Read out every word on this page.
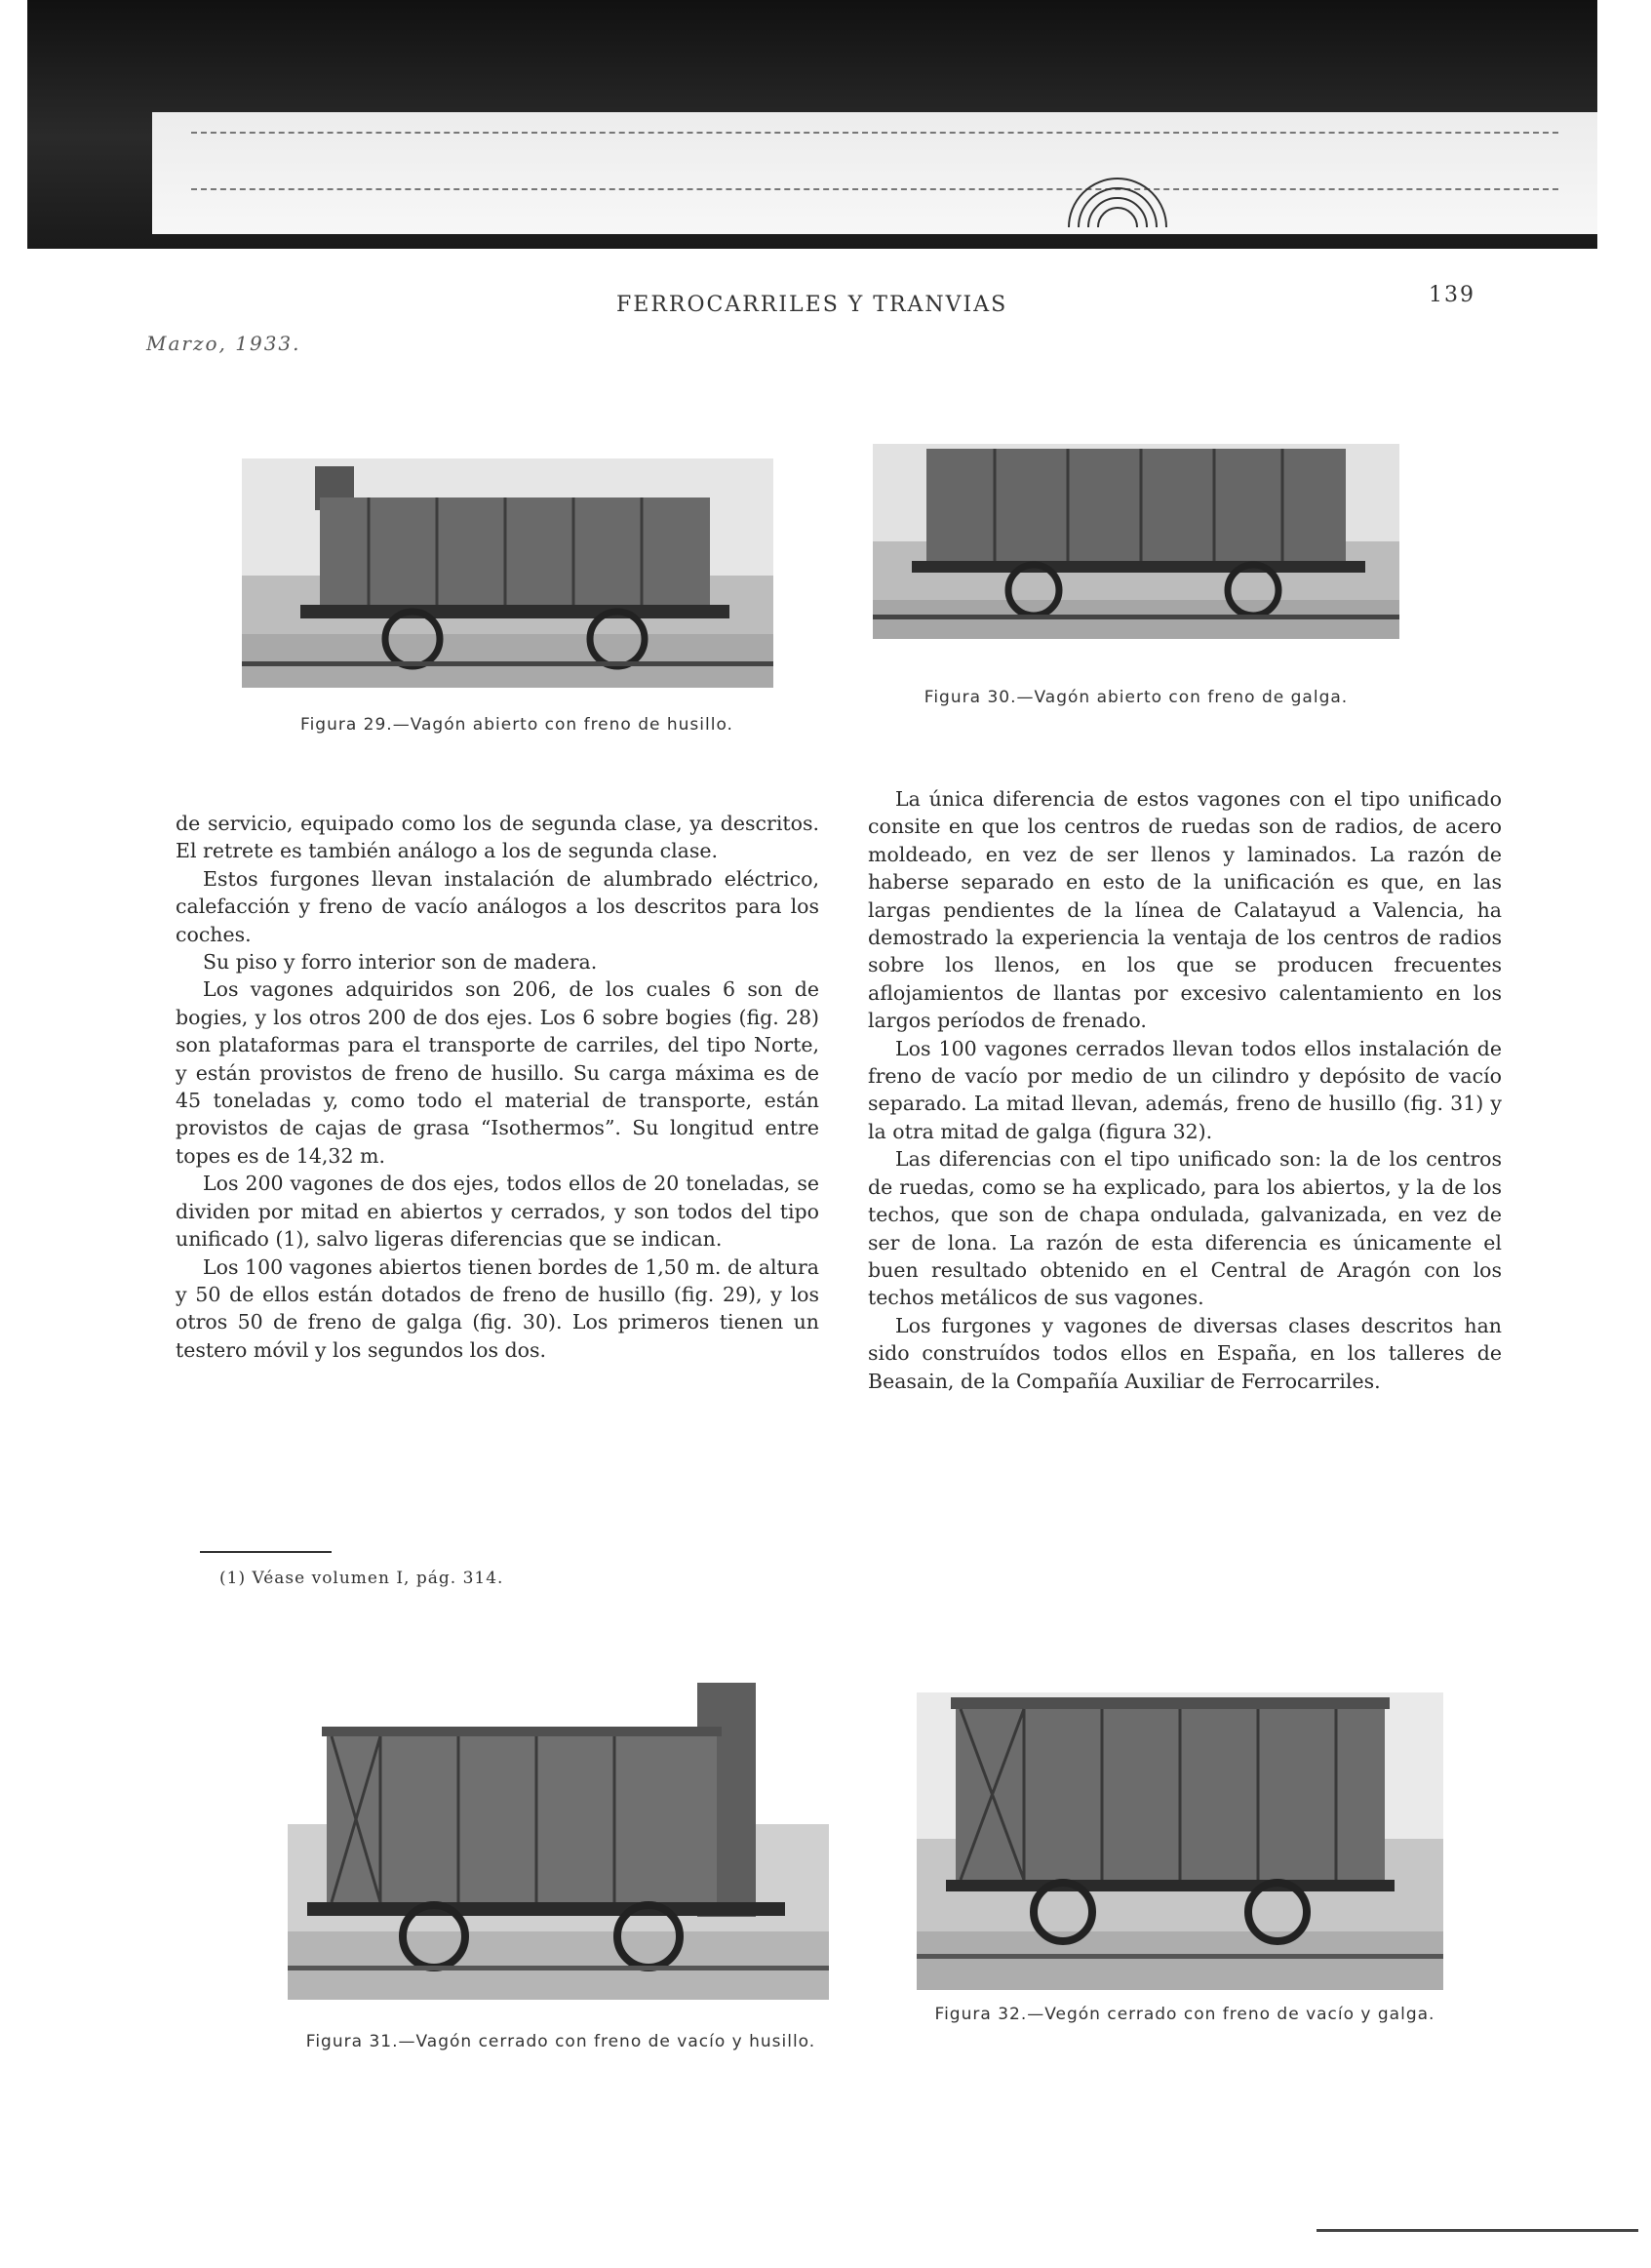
Marzo, 1933.
FERROCARRILES Y TRANVIAS	139
Figura 29.—Vagón abierto con freno de husillo.
Figura 30.—Vagón abierto con freno de galga.

de servicio, equipado como los de segunda clase, ya descritos. El retrete es también análogo a los de segunda clase.

Estos furgones llevan instalación de alumbrado eléctrico, calefacción y freno de vacío análogos a los descritos para los coches.

Su piso y forro interior son de madera.

Los vagones adquiridos son 206, de los cuales 6 son de bogies, y los otros 200 de dos ejes. Los 6 sobre bogies (fig. 28) son plataformas para el transporte de carriles, del tipo Norte, y están provistos de freno de husillo. Su carga máxima es de 45 toneladas y, como todo el material de transporte, están provistos de cajas de grasa “Isothermos”. Su longitud entre topes es de 14,32 m.

Los 200 vagones de dos ejes, todos ellos de 20 toneladas, se dividen por mitad en abiertos y cerrados, y son todos del tipo unificado (1), salvo ligeras diferencias que se indican.

Los 100 vagones abiertos tienen bordes de 1,50 m. de altura y 50 de ellos están dotados de freno de husillo (fig. 29), y los otros 50 de freno de galga (fig. 30). Los primeros tienen un testero móvil y los segundos los dos.

(1) Véase volumen I, pág. 314.

La única diferencia de estos vagones con el tipo unificado consite en que los centros de ruedas son de radios, de acero moldeado, en vez de ser llenos y laminados. La razón de haberse separado en esto de la unificación es que, en las largas pendientes de la línea de Calatayud a Valencia, ha demostrado la experiencia la ventaja de los centros de radios sobre los llenos, en los que se producen frecuentes aflojamientos de llantas por excesivo calentamiento en los largos períodos de frenado.

Los 100 vagones cerrados llevan todos ellos instalación de freno de vacío por medio de un cilindro y depósito de vacío separado. La mitad llevan, además, freno de husillo (fig. 31) y la otra mitad de galga (figura 32).

Las diferencias con el tipo unificado son: la de los centros de ruedas, como se ha explicado, para los abiertos, y la de los techos, que son de chapa ondulada, galvanizada, en vez de ser de lona. La razón de esta diferencia es únicamente el buen resultado obtenido en el Central de Aragón con los techos metálicos de sus vagones.

Los furgones y vagones de diversas clases descritos han sido construídos todos ellos en España, en los talleres de Beasain, de la Compañía Auxiliar de Ferrocarriles.

Figura 31.—Vagón cerrado con freno de vacío y husillo.
Figura 32.—Vegón cerrado con freno de vacío y galga.
